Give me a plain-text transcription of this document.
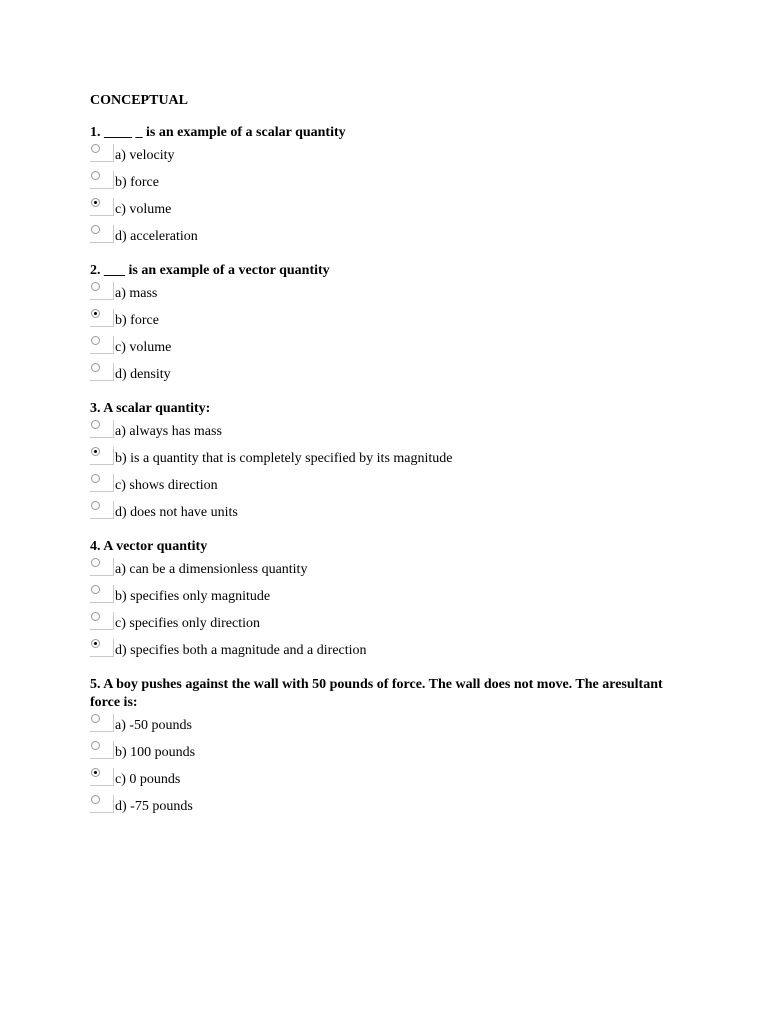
CONCEPTUAL
1. ____ _ is an example of a scalar quantity
a) velocity
b) force
c) volume
d) acceleration
2. ___ is an example of a vector quantity
a) mass
b) force
c) volume
d) density
3. A scalar quantity:
a) always has mass
b) is a quantity that is completely specified by its magnitude
c) shows direction
d) does not have units
4. A vector quantity
a) can be a dimensionless quantity
b) specifies only magnitude
c) specifies only direction
d) specifies both a magnitude and a direction
5. A boy pushes against the wall with 50 pounds of force. The wall does not move. The aresultant force is:
a) -50 pounds
b) 100 pounds
c) 0 pounds
d) -75 pounds
